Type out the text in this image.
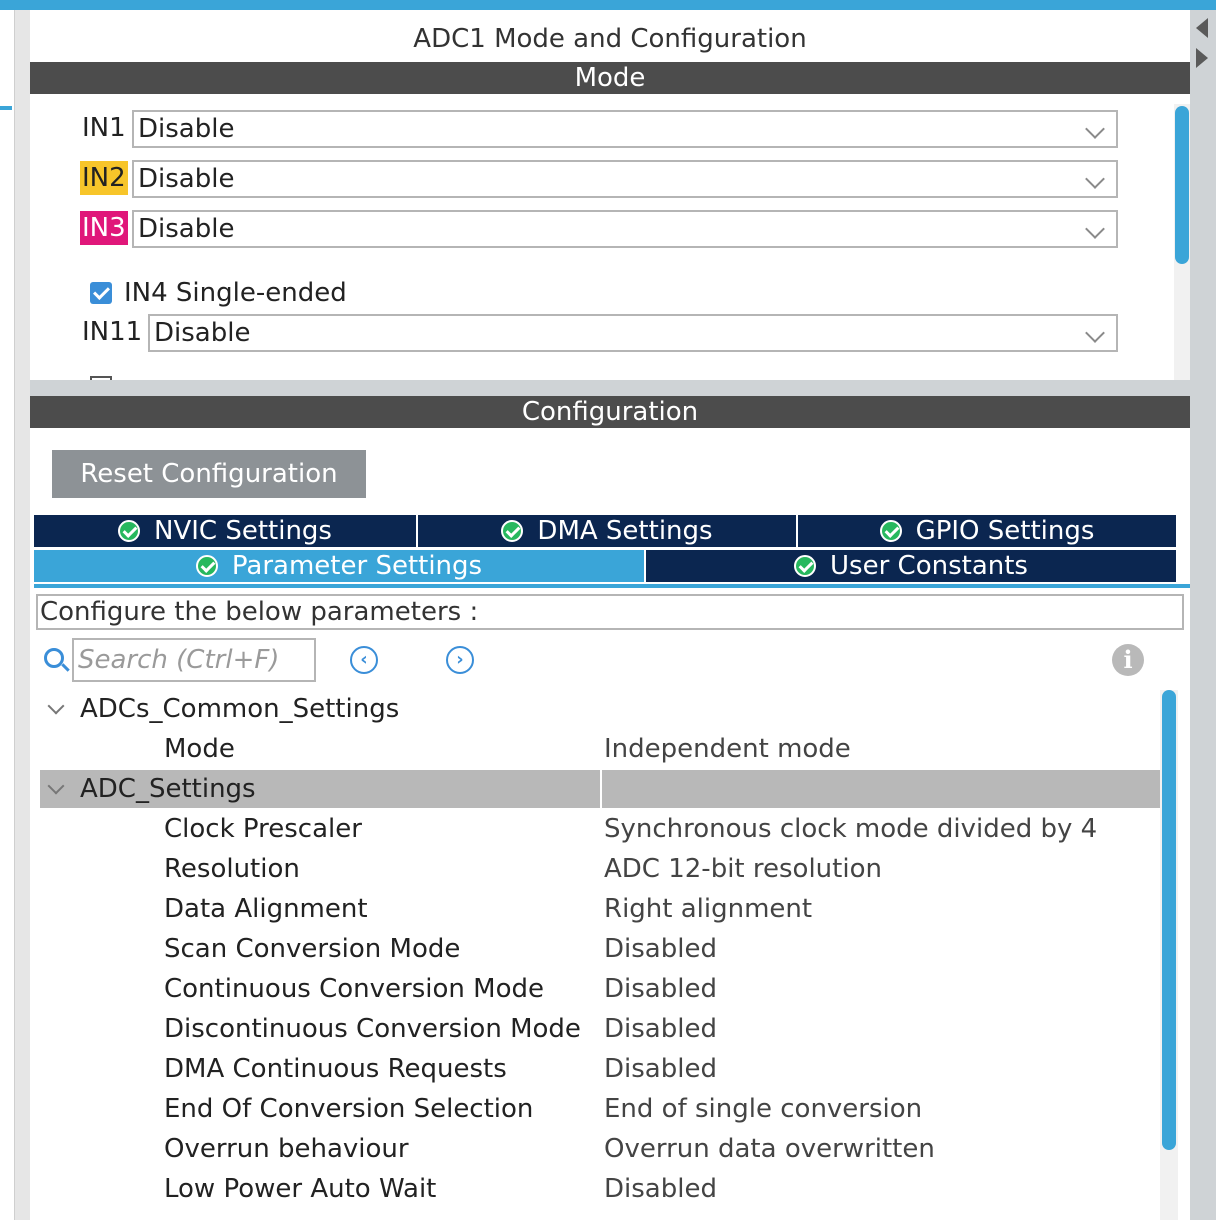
ADC1 Mode and Configuration
Mode
IN1 Disable
IN2 Disable
IN3 Disable
IN4 Single-ended
IN11 Disable
Configuration
Reset Configuration
NVIC Settings	DMA Settings	GPIO Settings
Parameter Settings	User Constants
Configure the below parameters :
Search (Ctrl+F)
‹	›	i
ADCs_Common_Settings
Mode	Independent mode
ADC_Settings
Clock Prescaler	Synchronous clock mode divided by 4
Resolution	ADC 12-bit resolution
Data Alignment	Right alignment
Scan Conversion Mode	Disabled
Continuous Conversion Mode Disabled
Discontinuous Conversion Mode Disabled
DMA Continuous Requests	Disabled
End Of Conversion Selection	End of single conversion
Overrun behaviour	Overrun data overwritten
Low Power Auto Wait	Disabled
